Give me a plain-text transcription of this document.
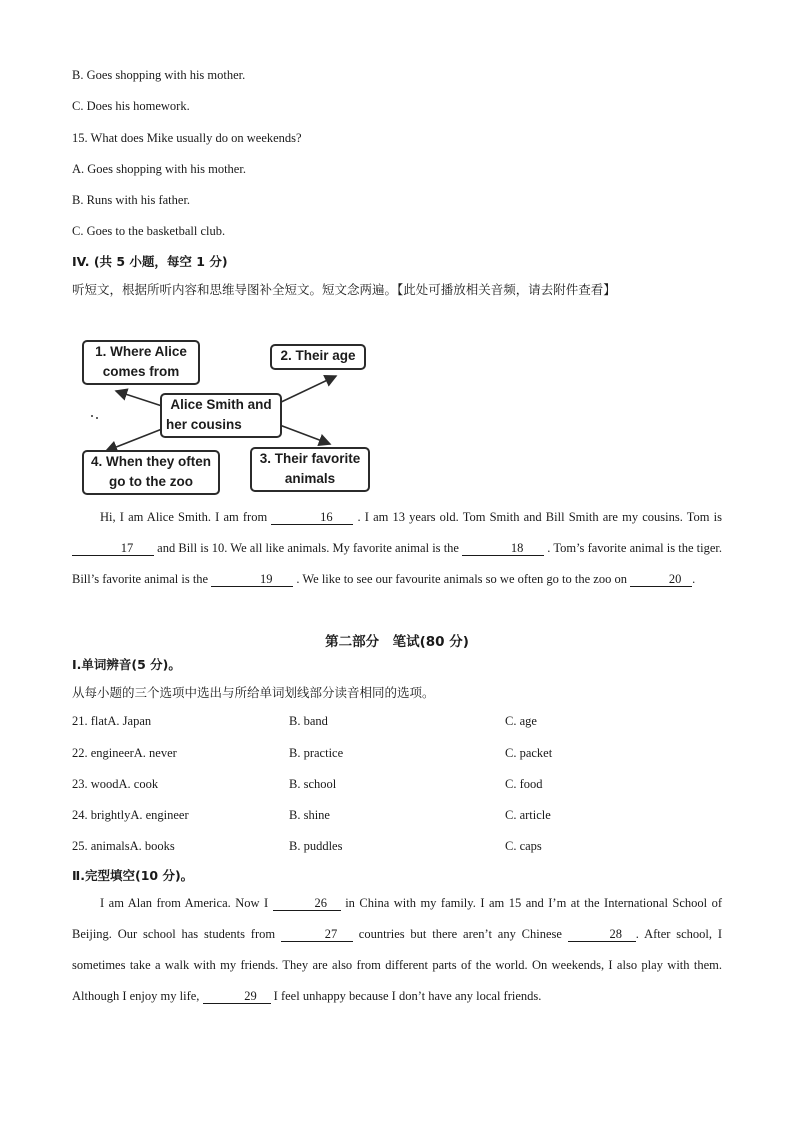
B. Goes shopping with his mother.
C. Does his homework.
15. What does Mike usually do on weekends?
A. Goes shopping with his mother.
B. Runs with his father.
C. Goes to the basketball club.
IV. (共 5 小题，每空 1 分)
听短文，根据所听内容和思维导图补全短文。短文念两遍。【此处可播放相关音频，请去附件查看】
1. Where Alice
comes from
2. Their age
Alice Smith and
her cousins
3. Their favorite
animals
4. When they often
go to the zoo
Hi, I am Alice Smith. I am from	16 . I am 13 years old. Tom Smith and Bill Smith are my cousins. Tom is 17 and Bill is 10. We all like animals. My favorite animal is the	18 . Tom’s favorite animal is the tiger. Bill’s favorite animal is the	19 . We like to see our favourite animals so we often go to the zoo on	20 .
第二部分　笔试(80 分)
I.单词辨音(5 分)。
从每小题的三个选项中选出与所给单词划线部分读音相同的选项。
21. flatA. Japan	B. band	C. age
22. engineerA. never	B. practice	C. packet
23. woodA. cook	B. school	C. food
24. brightlyA. engineer	B. shine	C. article
25. animalsA. books	B. puddles	C. caps
Ⅱ.完型填空(10 分)。
I am Alan from America. Now I	26 in China with my family. I am 15 and I’m at the International School of Beijing. Our school has students from	27 countries but there aren’t any Chinese	28 . After school, I sometimes take a walk with my friends. They are also from different parts of the world. On weekends, I also play with them. Although I enjoy my life,	29 I feel unhappy because I don’t have any local friends.
